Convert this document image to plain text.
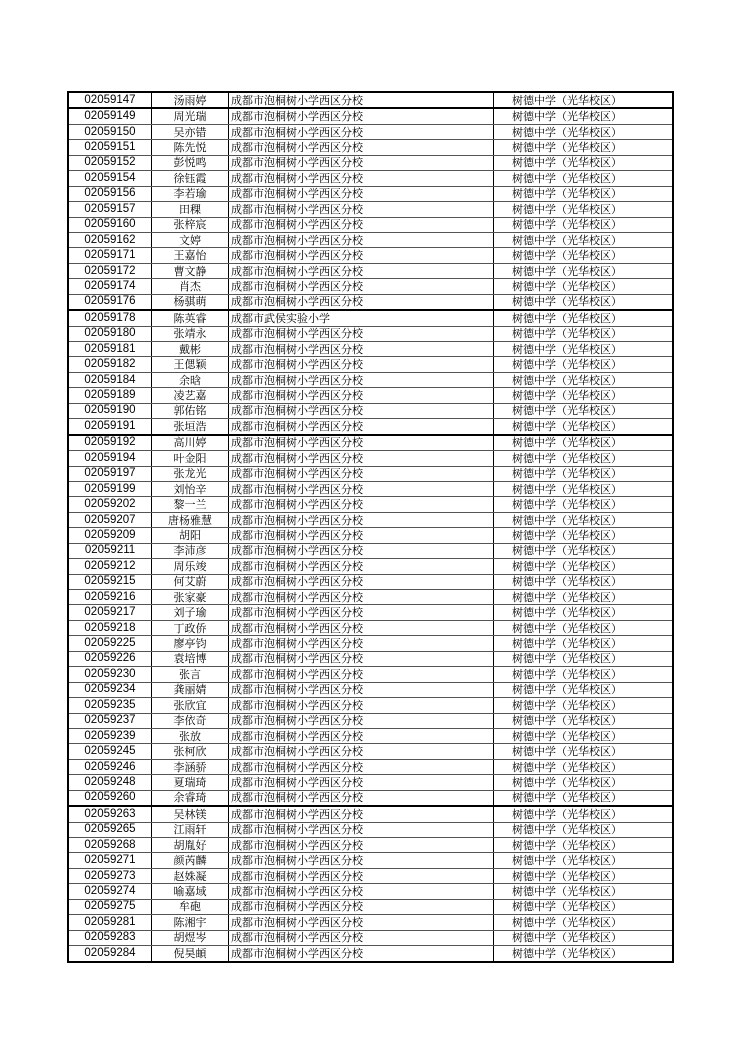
02059147	汤雨婷	成都市泡桐树小学西区分校	树德中学（光华校区）
02059149	周光瑞	成都市泡桐树小学西区分校	树德中学（光华校区）
02059150	吴亦错	成都市泡桐树小学西区分校	树德中学（光华校区）
02059151	陈先悦	成都市泡桐树小学西区分校	树德中学（光华校区）
02059152	彭悦鸣	成都市泡桐树小学西区分校	树德中学（光华校区）
02059154	徐钰霞	成都市泡桐树小学西区分校	树德中学（光华校区）
02059156	李若瑜	成都市泡桐树小学西区分校	树德中学（光华校区）
02059157	田稞	成都市泡桐树小学西区分校	树德中学（光华校区）
02059160	张梓宸	成都市泡桐树小学西区分校	树德中学（光华校区）
02059162	文婷	成都市泡桐树小学西区分校	树德中学（光华校区）
02059171	王嘉怡	成都市泡桐树小学西区分校	树德中学（光华校区）
02059172	曹文静	成都市泡桐树小学西区分校	树德中学（光华校区）
02059174	肖杰	成都市泡桐树小学西区分校	树德中学（光华校区）
02059176	杨骐萌	成都市泡桐树小学西区分校	树德中学（光华校区）
02059178	陈英睿	成都市武侯实验小学	树德中学（光华校区）
02059180	张靖永	成都市泡桐树小学西区分校	树德中学（光华校区）
02059181	戴彬	成都市泡桐树小学西区分校	树德中学（光华校区）
02059182	王偲颖	成都市泡桐树小学西区分校	树德中学（光华校区）
02059184	余晗	成都市泡桐树小学西区分校	树德中学（光华校区）
02059189	凌艺嘉	成都市泡桐树小学西区分校	树德中学（光华校区）
02059190	郭佑铭	成都市泡桐树小学西区分校	树德中学（光华校区）
02059191	张垣浩	成都市泡桐树小学西区分校	树德中学（光华校区）
02059192	高川婷	成都市泡桐树小学西区分校	树德中学（光华校区）
02059194	叶金阳	成都市泡桐树小学西区分校	树德中学（光华校区）
02059197	张龙光	成都市泡桐树小学西区分校	树德中学（光华校区）
02059199	刘怡辛	成都市泡桐树小学西区分校	树德中学（光华校区）
02059202	黎一兰	成都市泡桐树小学西区分校	树德中学（光华校区）
02059207	唐杨雅慧	成都市泡桐树小学西区分校	树德中学（光华校区）
02059209	胡阳	成都市泡桐树小学西区分校	树德中学（光华校区）
02059211	李沛彦	成都市泡桐树小学西区分校	树德中学（光华校区）
02059212	周乐竣	成都市泡桐树小学西区分校	树德中学（光华校区）
02059215	何艾蔚	成都市泡桐树小学西区分校	树德中学（光华校区）
02059216	张家豪	成都市泡桐树小学西区分校	树德中学（光华校区）
02059217	刘子瑜	成都市泡桐树小学西区分校	树德中学（光华校区）
02059218	丁政侨	成都市泡桐树小学西区分校	树德中学（光华校区）
02059225	廖亭钧	成都市泡桐树小学西区分校	树德中学（光华校区）
02059226	袁培博	成都市泡桐树小学西区分校	树德中学（光华校区）
02059230	张言	成都市泡桐树小学西区分校	树德中学（光华校区）
02059234	龚丽婧	成都市泡桐树小学西区分校	树德中学（光华校区）
02059235	张欣宜	成都市泡桐树小学西区分校	树德中学（光华校区）
02059237	李依奇	成都市泡桐树小学西区分校	树德中学（光华校区）
02059239	张放	成都市泡桐树小学西区分校	树德中学（光华校区）
02059245	张柯欣	成都市泡桐树小学西区分校	树德中学（光华校区）
02059246	李涵骄	成都市泡桐树小学西区分校	树德中学（光华校区）
02059248	夏瑞琦	成都市泡桐树小学西区分校	树德中学（光华校区）
02059260	余睿琦	成都市泡桐树小学西区分校	树德中学（光华校区）
02059263	吴林镁	成都市泡桐树小学西区分校	树德中学（光华校区）
02059265	江雨轩	成都市泡桐树小学西区分校	树德中学（光华校区）
02059268	胡胤好	成都市泡桐树小学西区分校	树德中学（光华校区）
02059271	颜芮麟	成都市泡桐树小学西区分校	树德中学（光华校区）
02059273	赵姝凝	成都市泡桐树小学西区分校	树德中学（光华校区）
02059274	喻嘉域	成都市泡桐树小学西区分校	树德中学（光华校区）
02059275	牟砲	成都市泡桐树小学西区分校	树德中学（光华校区）
02059281	陈湘宇	成都市泡桐树小学西区分校	树德中学（光华校区）
02059283	胡煜岑	成都市泡桐树小学西区分校	树德中学（光华校区）
02059284	倪昊頔	成都市泡桐树小学西区分校	树德中学（光华校区）
